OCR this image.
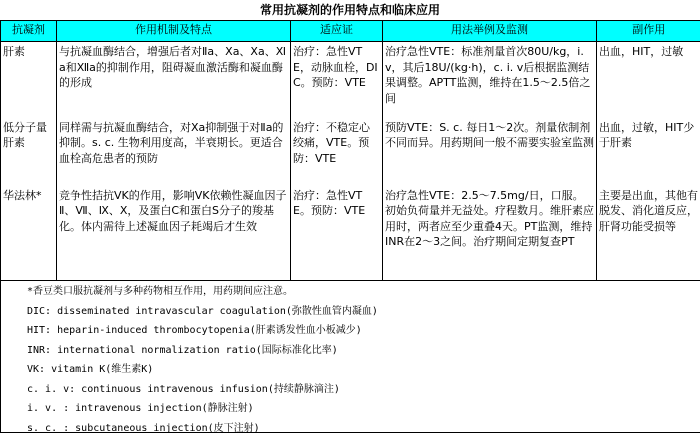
常用抗凝剂的作用特点和临床应用
抗凝剂	作用机制及特点	适应证	用法举例及监测	副作用
肝素	与抗凝血酶结合，增强后者对Ⅱa、Ⅹa、Ⅹa、Ⅺa和Ⅻa的抑制作用，阻碍凝血激活酶和凝血酶的形成	治疗：急性VTE，动脉血栓，DIC。预防：VTE	治疗急性VTE：标准剂量首次80U/kg，i. v，其后18U/(kg·h)，c. i. v后根据监测结果调整。APTT监测，维持在1.5～2.5倍之间	出血，HIT，过敏
低分子量肝素	同样需与抗凝血酶结合，对Ⅹa抑制强于对Ⅱa的抑制。s. c. 生物利用度高，半衰期长。更适合血栓高危患者的预防	治疗：不稳定心绞痛，VTE。预防：VTE	预防VTE：S. c. 每日1～2次。剂量依制剂不同而异。用药期间一般不需要实验室监测	出血，过敏，HIT少于肝素
华法林*	竞争性拮抗VK的作用，影响VK依赖性凝血因子Ⅱ、Ⅶ、Ⅸ、Ⅹ，及蛋白C和蛋白S分子的羧基化。体内需待上述凝血因子耗竭后才生效	治疗：急性VTE。预防：VTE	治疗急性VTE：2.5～7.5mg/日，口服。初始负荷量并无益处。疗程数月。维肝素应用时，两者应至少重叠4天。PT监测，维持INR在2～3之间。治疗期间定期复查PT	主要是出血，其他有脱发、消化道反应，肝肾功能受损等
*香豆类口服抗凝剂与多种药物相互作用，用药期间应注意。
DIC: disseminated intravascular coagulation(弥散性血管内凝血)
HIT: heparin-induced thrombocytopenia(肝素诱发性血小板减少)
INR: international normalization ratio(国际标准化比率)
VK: vitamin K(维生素K)
c. i. v: continuous intravenous infusion(持续静脉滴注)
i. v. : intravenous injection(静脉注射)
s. c. : subcutaneous injection(皮下注射)
